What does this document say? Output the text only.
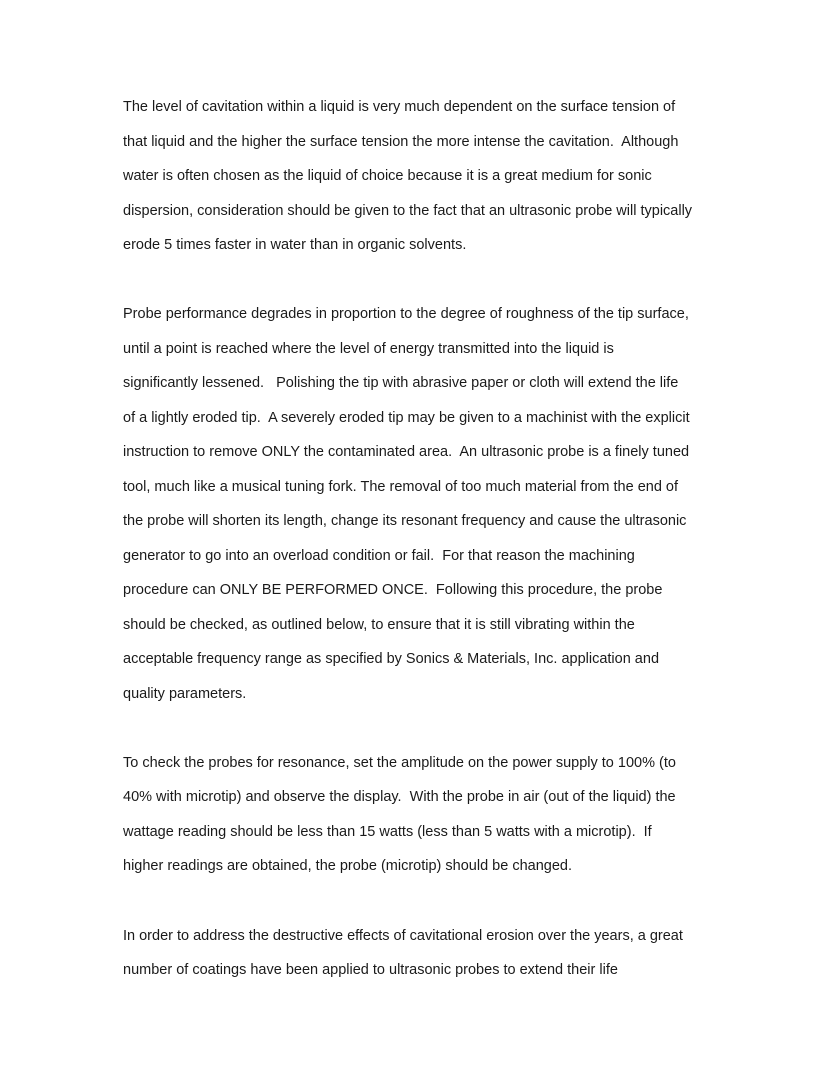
The level of cavitation within a liquid is very much dependent on the surface tension of
that liquid and the higher the surface tension the more intense the cavitation.  Although
water is often chosen as the liquid of choice because it is a great medium for sonic
dispersion, consideration should be given to the fact that an ultrasonic probe will typically
erode 5 times faster in water than in organic solvents.
Probe performance degrades in proportion to the degree of roughness of the tip surface,
until a point is reached where the level of energy transmitted into the liquid is
significantly lessened.   Polishing the tip with abrasive paper or cloth will extend the life
of a lightly eroded tip.  A severely eroded tip may be given to a machinist with the explicit
instruction to remove ONLY the contaminated area.  An ultrasonic probe is a finely tuned
tool, much like a musical tuning fork. The removal of too much material from the end of
the probe will shorten its length, change its resonant frequency and cause the ultrasonic
generator to go into an overload condition or fail.  For that reason the machining
procedure can ONLY BE PERFORMED ONCE.  Following this procedure, the probe
should be checked, as outlined below, to ensure that it is still vibrating within the
acceptable frequency range as specified by Sonics & Materials, Inc. application and
quality parameters.
To check the probes for resonance, set the amplitude on the power supply to 100% (to
40% with microtip) and observe the display.  With the probe in air (out of the liquid) the
wattage reading should be less than 15 watts (less than 5 watts with a microtip).  If
higher readings are obtained, the probe (microtip) should be changed.
In order to address the destructive effects of cavitational erosion over the years, a great
number of coatings have been applied to ultrasonic probes to extend their life
